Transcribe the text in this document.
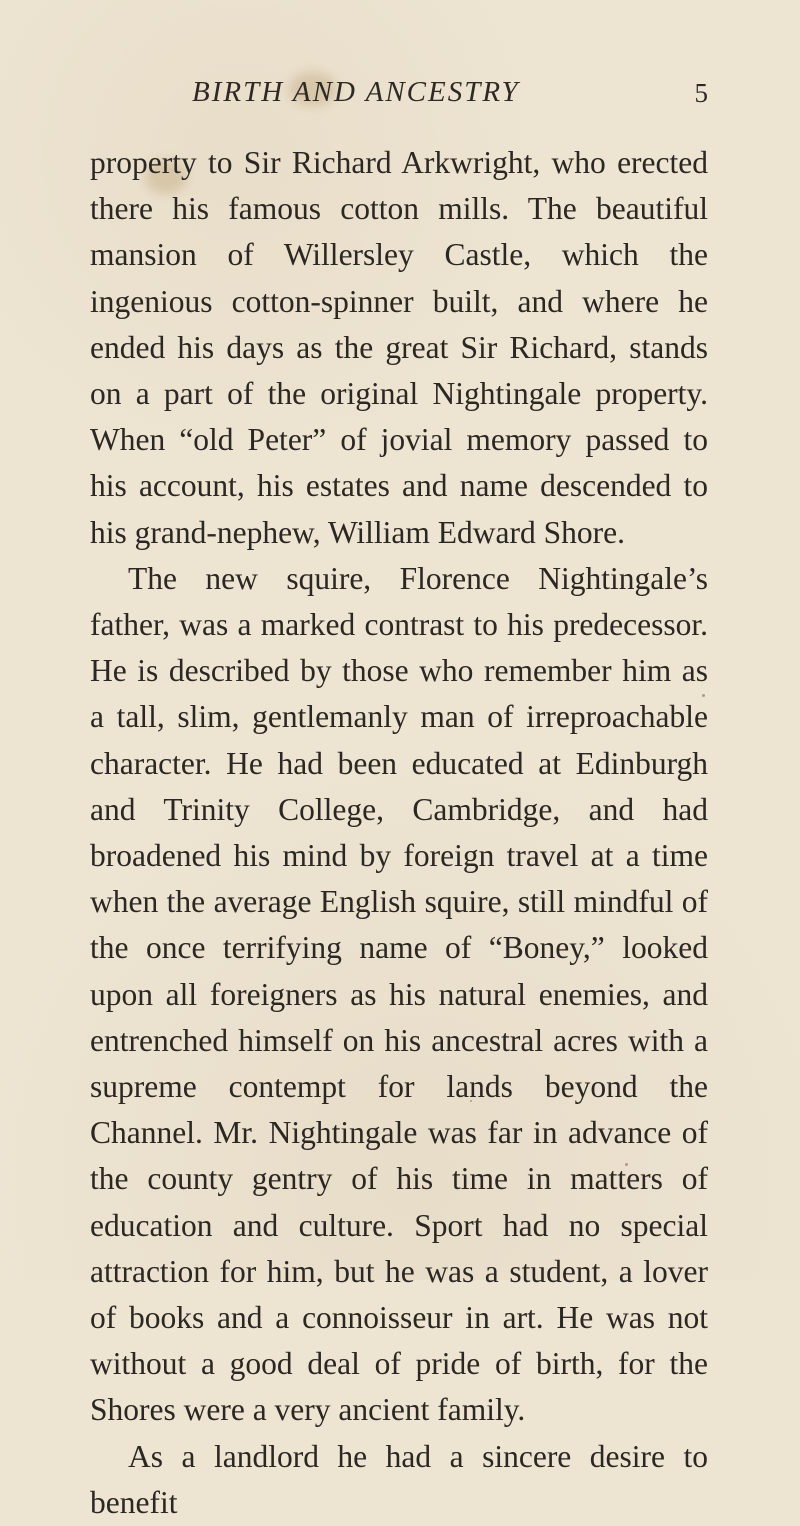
BIRTH AND ANCESTRY	5

property to Sir Richard Arkwright, who erected there his famous cotton mills. The beautiful mansion of Willersley Castle, which the ingenious cotton-spinner built, and where he ended his days as the great Sir Richard, stands on a part of the original Nightingale property. When “old Peter” of jovial memory passed to his account, his estates and name descended to his grand-nephew, William Edward Shore.

The new squire, Florence Nightingale’s father, was a marked contrast to his predecessor. He is described by those who remember him as a tall, slim, gentlemanly man of irreproachable character. He had been educated at Edinburgh and Trinity College, Cambridge, and had broadened his mind by foreign travel at a time when the average English squire, still mindful of the once terrifying name of “Boney,” looked upon all foreigners as his natural enemies, and entrenched himself on his ancestral acres with a supreme contempt for lands beyond the Channel. Mr. Nightingale was far in advance of the county gentry of his time in matters of education and culture. Sport had no special attraction for him, but he was a student, a lover of books and a connoisseur in art. He was not without a good deal of pride of birth, for the Shores were a very ancient family.

As a landlord he had a sincere desire to benefit
